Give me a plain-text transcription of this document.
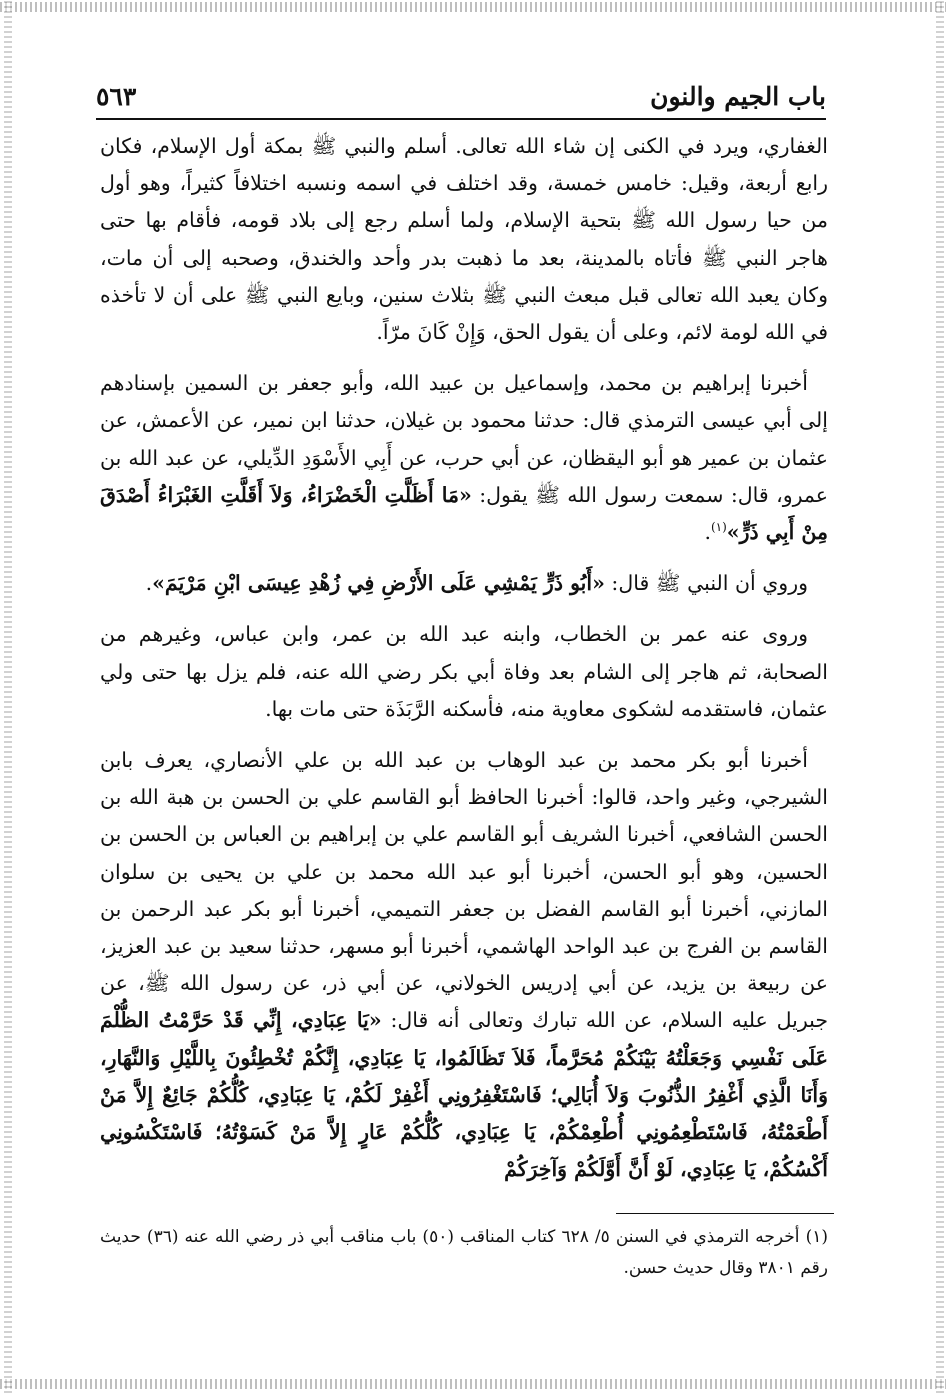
باب الجيم والنون
٥٦٣

الغفاري، ويرد في الكنى إن شاء الله تعالى. أسلم والنبي ﷺ بمكة أول الإسلام، فكان رابع أربعة، وقيل: خامس خمسة، وقد اختلف في اسمه ونسبه اختلافاً كثيراً، وهو أول من حيا رسول الله ﷺ بتحية الإسلام، ولما أسلم رجع إلى بلاد قومه، فأقام بها حتى هاجر النبي ﷺ فأتاه بالمدينة، بعد ما ذهبت بدر وأحد والخندق، وصحبه إلى أن مات، وكان يعبد الله تعالى قبل مبعث النبي ﷺ بثلاث سنين، وبايع النبي ﷺ على أن لا تأخذه في الله لومة لائم، وعلى أن يقول الحق، وَإِنْ كَانَ مرّاً.

أخبرنا إبراهيم بن محمد، وإسماعيل بن عبيد الله، وأبو جعفر بن السمين بإسنادهم إلى أبي عيسى الترمذي قال: حدثنا محمود بن غيلان، حدثنا ابن نمير، عن الأعمش، عن عثمان بن عمير هو أبو اليقظان، عن أبي حرب، عن أَبِي الأَسْوَدِ الدِّيلي، عن عبد الله بن عمرو، قال: سمعت رسول الله ﷺ يقول: «مَا أَظَلَّتِ الْخَضْرَاءُ، وَلاَ أَقَلَّتِ الغَبْرَاءُ أَصْدَقَ مِنْ أَبِي ذَرٍّ»$^{(١)}$.

وروي أن النبي ﷺ قال: «أَبُو ذَرٍّ يَمْشِي عَلَى الأَرْضِ فِي زُهْدِ عِيسَى ابْنِ مَرْيَمَ».

وروى عنه عمر بن الخطاب، وابنه عبد الله بن عمر، وابن عباس، وغيرهم من الصحابة، ثم هاجر إلى الشام بعد وفاة أبي بكر رضي الله عنه، فلم يزل بها حتى ولي عثمان، فاستقدمه لشكوى معاوية منه، فأسكنه الرَّبَذَة حتى مات بها.

أخبرنا أبو بكر محمد بن عبد الوهاب بن عبد الله بن علي الأنصاري، يعرف بابن الشيرجي، وغير واحد، قالوا: أخبرنا الحافظ أبو القاسم علي بن الحسن بن هبة الله بن الحسن الشافعي، أخبرنا الشريف أبو القاسم علي بن إبراهيم بن العباس بن الحسن بن الحسين، وهو أبو الحسن، أخبرنا أبو عبد الله محمد بن علي بن يحيى بن سلوان المازني، أخبرنا أبو القاسم الفضل بن جعفر التميمي، أخبرنا أبو بكر عبد الرحمن بن القاسم بن الفرج بن عبد الواحد الهاشمي، أخبرنا أبو مسهر، حدثنا سعيد بن عبد العزيز، عن ربيعة بن يزيد، عن أبي إدريس الخولاني، عن أبي ذر، عن رسول الله ﷺ، عن جبريل عليه السلام، عن الله تبارك وتعالى أنه قال: «يَا عِبَادِي، إِنِّي قَدْ حَرَّمْتُ الظُّلْمَ عَلَى نَفْسِي وَجَعَلْتُهُ بَيْنَكُمْ مُحَرَّماً، فَلاَ تَظَالَمُوا، يَا عِبَادِي، إِنَّكُمْ تُخْطِئُونَ بِاللَّيْلِ وَالنَّهَارِ، وَأَنَا الَّذِي أَغْفِرُ الذُّنُوبَ وَلاَ أُبَالِي؛ فَاسْتَغْفِرُونِي أَغْفِرْ لَكُمْ، يَا عِبَادِي، كُلُّكُمْ جَائِعٌ إِلاَّ مَنْ أَطْعَمْتُهُ، فَاسْتَطْعِمُونِي أُطْعِمْكُمْ، يَا عِبَادِي، كُلُّكُمْ عَارٍ إِلاَّ مَنْ كَسَوْتُهُ؛ فَاسْتَكْسُونِي أَكْسُكُمْ، يَا عِبَادِي، لَوْ أَنَّ أَوَّلَكُمْ وَآخِرَكُمْ

(١) أخرجه الترمذي في السنن ٥/ ٦٢٨ كتاب المناقب (٥٠) باب مناقب أبي ذر رضي الله عنه (٣٦) حديث رقم ٣٨٠١ وقال حديث حسن.
